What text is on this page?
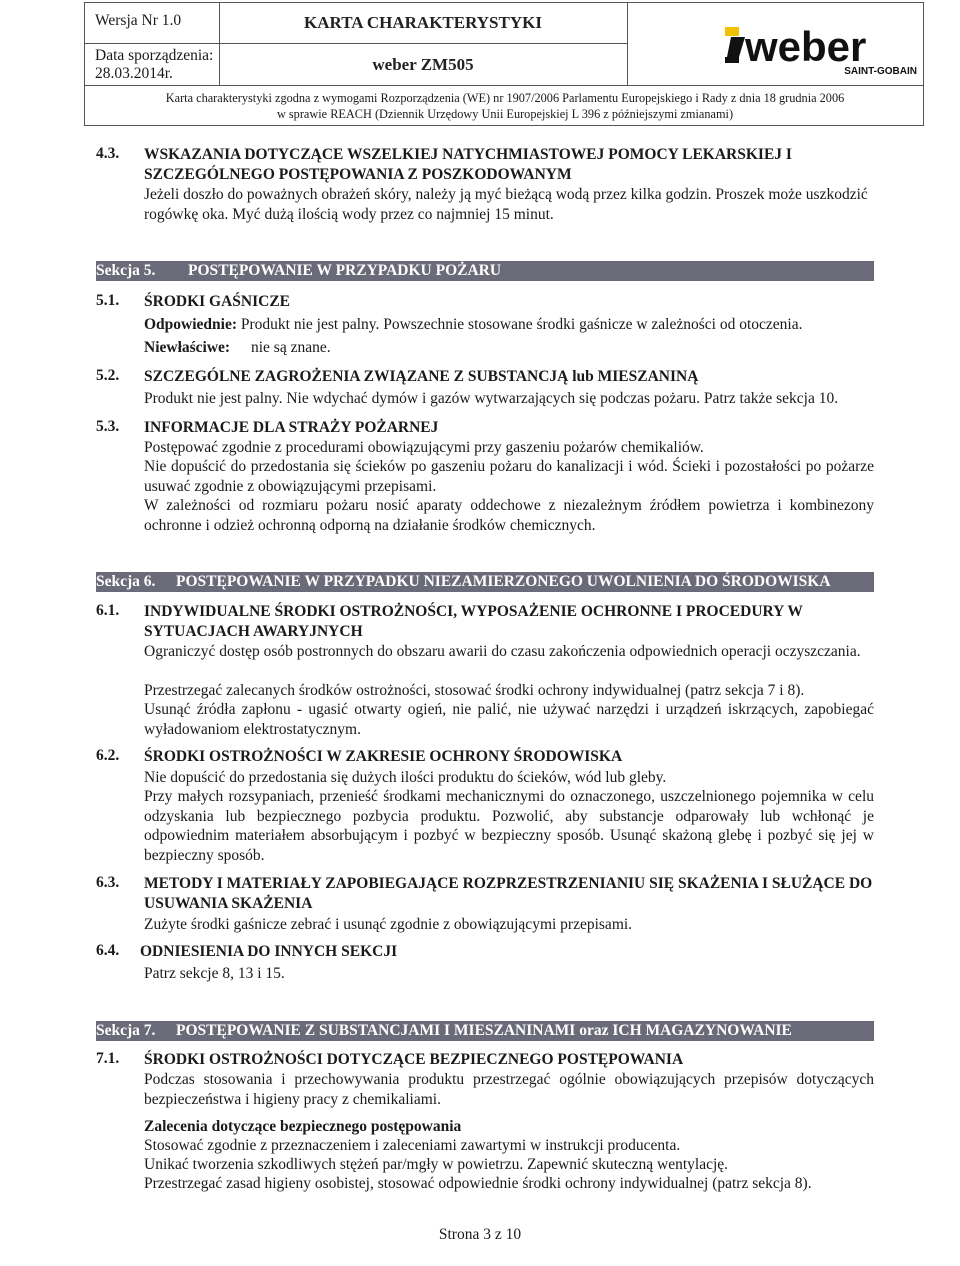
Wersja Nr 1.0
Data sporządzenia:
28.03.2014r.
KARTA CHARAKTERYSTYKI
weber ZM505	weber
SAINT-GOBAIN
Karta charakterystyki zgodna z wymogami Rozporządzenia (WE) nr 1907/2006 Parlamentu Europejskiego i Rady z dnia 18 grudnia 2006
w sprawie REACH (Dziennik Urzędowy Unii Europejskiej L 396 z późniejszymi zmianami)
4.3. WSKAZANIA DOTYCZĄCE WSZELKIEJ NATYCHMIASTOWEJ POMOCY LEKARSKIEJ I SZCZEGÓLNEGO POSTĘPOWANIA Z POSZKODOWANYM
Jeżeli doszło do poważnych obrażeń skóry, należy ją myć bieżącą wodą przez kilka godzin. Proszek może uszkodzić rogówkę oka. Myć dużą ilością wody przez co najmniej 15 minut.
Sekcja 5. POSTĘPOWANIE W PRZYPADKU POŻARU
5.1. ŚRODKI GAŚNICZE
Odpowiednie: Produkt nie jest palny. Powszechnie stosowane środki gaśnicze w zależności od otoczenia.
Niewłaściwe: nie są znane.
5.2. SZCZEGÓLNE ZAGROŻENIA ZWIĄZANE Z SUBSTANCJĄ lub MIESZANINĄ
Produkt nie jest palny. Nie wdychać dymów i gazów wytwarzających się podczas pożaru. Patrz także sekcja 10.
5.3. INFORMACJE DLA STRAŻY POŻARNEJ
Postępować zgodnie z procedurami obowiązującymi przy gaszeniu pożarów chemikaliów.
Nie dopuścić do przedostania się ścieków po gaszeniu pożaru do kanalizacji i wód. Ścieki i pozostałości po pożarze usuwać zgodnie z obowiązującymi przepisami.
W zależności od rozmiaru pożaru nosić aparaty oddechowe z niezależnym źródłem powietrza i kombinezony ochronne i odzież ochronną odporną na działanie środków chemicznych.
Sekcja 6. POSTĘPOWANIE W PRZYPADKU NIEZAMIERZONEGO UWOLNIENIA DO ŚRODOWISKA
6.1. INDYWIDUALNE ŚRODKI OSTROŻNOŚCI, WYPOSAŻENIE OCHRONNE I PROCEDURY W SYTUACJACH AWARYJNYCH
Ograniczyć dostęp osób postronnych do obszaru awarii do czasu zakończenia odpowiednich operacji oczyszczania.
Przestrzegać zalecanych środków ostrożności, stosować środki ochrony indywidualnej (patrz sekcja 7 i 8).
Usunąć źródła zapłonu - ugasić otwarty ogień, nie palić, nie używać narzędzi i urządzeń iskrzących, zapobiegać wyładowaniom elektrostatycznym.
6.2. ŚRODKI OSTROŻNOŚCI W ZAKRESIE OCHRONY ŚRODOWISKA
Nie dopuścić do przedostania się dużych ilości produktu do ścieków, wód lub gleby.
Przy małych rozsypaniach, przenieść środkami mechanicznymi do oznaczonego, uszczelnionego pojemnika w celu odzyskania lub bezpiecznego pozbycia produktu. Pozwolić, aby substancje odparowały lub wchłonąć je odpowiednim materiałem absorbującym i pozbyć w bezpieczny sposób. Usunąć skażoną glebę i pozbyć się jej w bezpieczny sposób.
6.3. METODY I MATERIAŁY ZAPOBIEGAJĄCE ROZPRZESTRZENIANIU SIĘ SKAŻENIA I SŁUŻĄCE DO USUWANIA SKAŻENIA
Zużyte środki gaśnicze zebrać i usunąć zgodnie z obowiązującymi przepisami.
6.4. ODNIESIENIA DO INNYCH SEKCJI
Patrz sekcje 8, 13 i 15.
Sekcja 7. POSTĘPOWANIE Z SUBSTANCJAMI I MIESZANINAMI oraz ICH MAGAZYNOWANIE
7.1. ŚRODKI OSTROŻNOŚCI DOTYCZĄCE BEZPIECZNEGO POSTĘPOWANIA
Podczas stosowania i przechowywania produktu przestrzegać ogólnie obowiązujących przepisów dotyczących bezpieczeństwa i higieny pracy z chemikaliami.
Zalecenia dotyczące bezpiecznego postępowania
Stosować zgodnie z przeznaczeniem i zaleceniami zawartymi w instrukcji producenta.
Unikać tworzenia szkodliwych stężeń par/mgły w powietrzu. Zapewnić skuteczną wentylację.
Przestrzegać zasad higieny osobistej, stosować odpowiednie środki ochrony indywidualnej (patrz sekcja 8).
Strona 3 z 10
